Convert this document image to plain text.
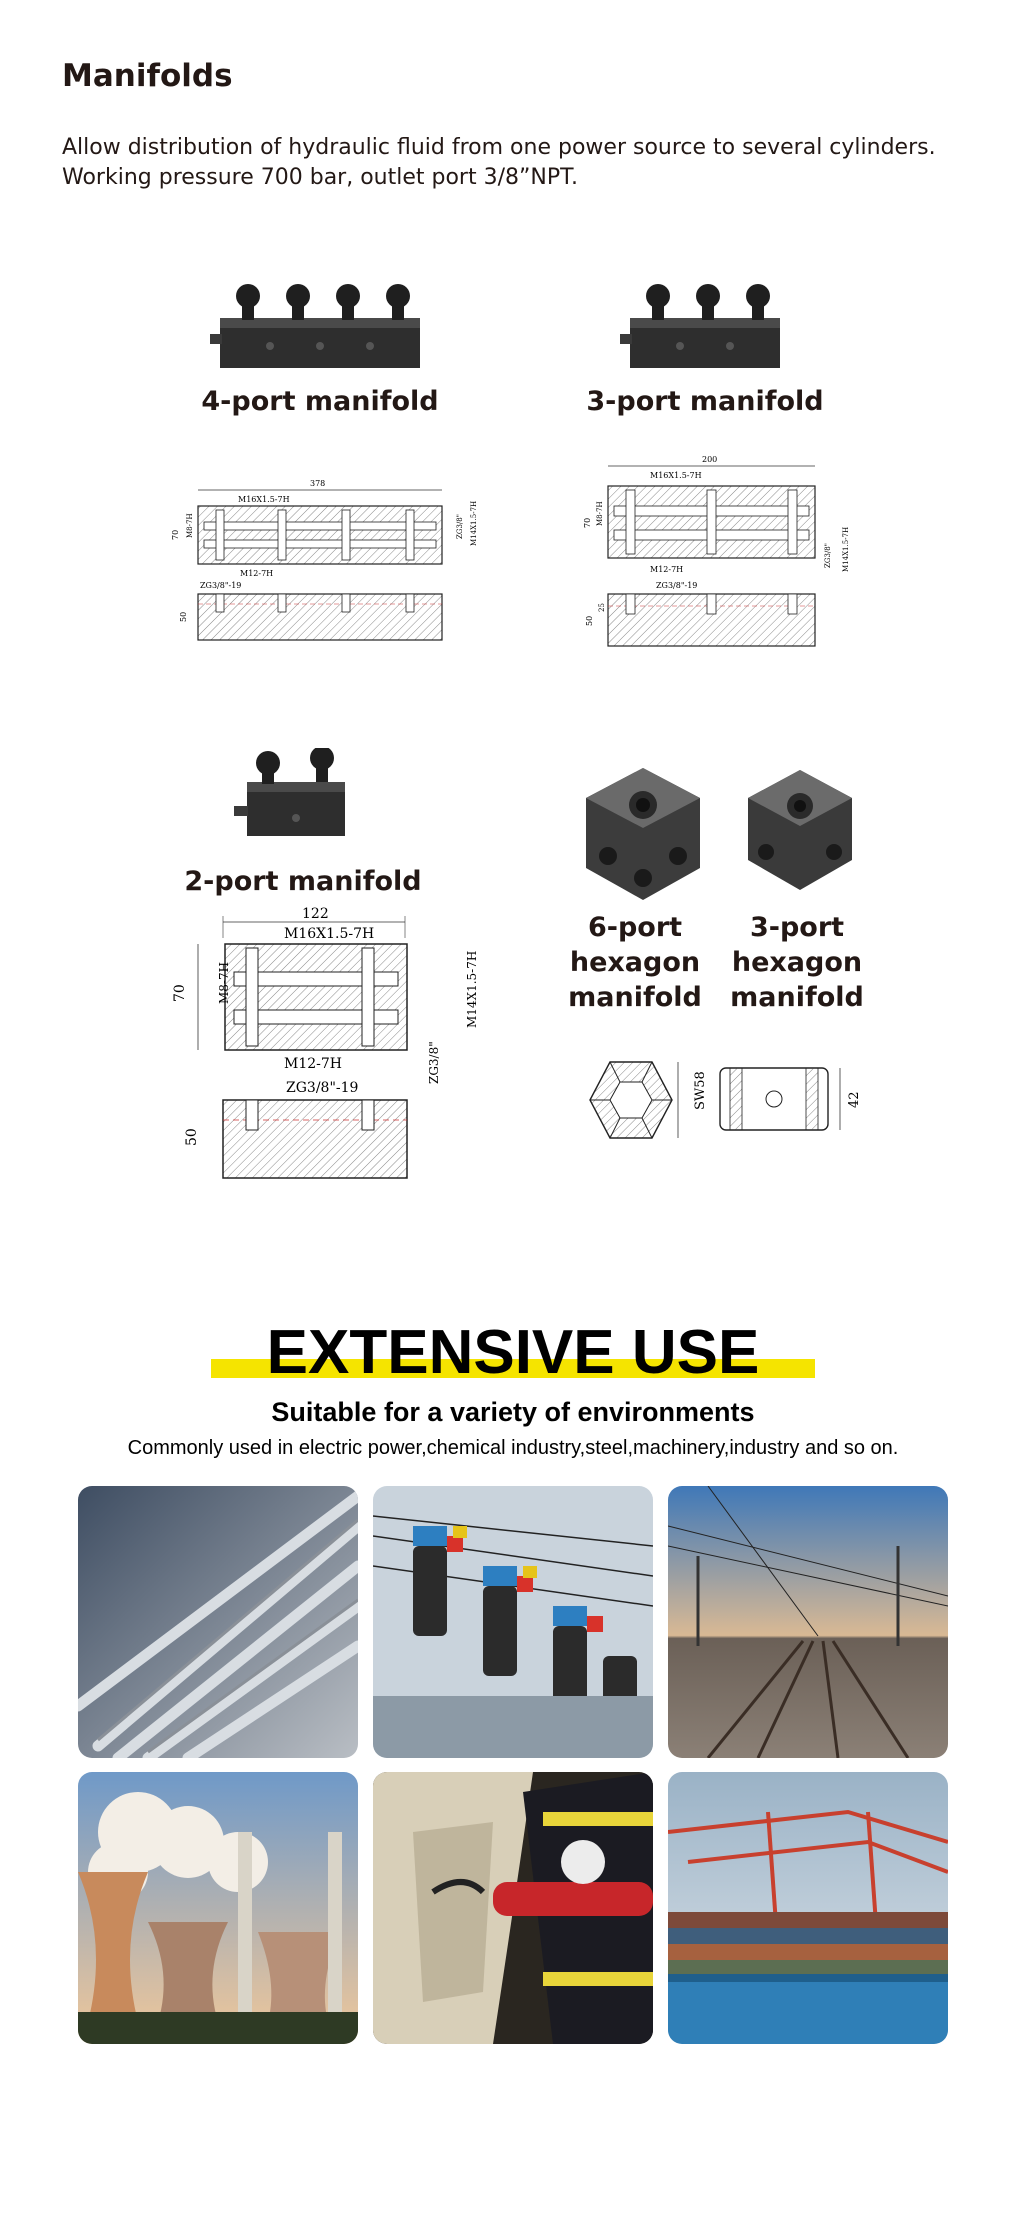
Manifolds
Allow distribution of hydraulic fluid from one power source to several cylinders.
Working pressure 700 bar, outlet port 3/8”NPT.
4-port manifold
378
M16X1.5-7H
70 M8-7H
M12-7H
ZG3/8"-19
ZG3/8" M14X1.5-7H
50
3-port manifold
200
M16X1.5-7H
70 M8-7H
M12-7H
ZG3/8"-19
ZG3/8" M14X1.5-7H
50
25
2-port manifold
122
M16X1.5-7H
70 M8-7H
M12-7H
ZG3/8"-19
ZG3/8"
M14X1.5-7H
50
6-port
hexagon
manifold
3-port
hexagon
manifold
SW58	42
EXTENSIVE USE
Suitable for a variety of environments
Commonly used in electric power,chemical industry,steel,machinery,industry and so on.
